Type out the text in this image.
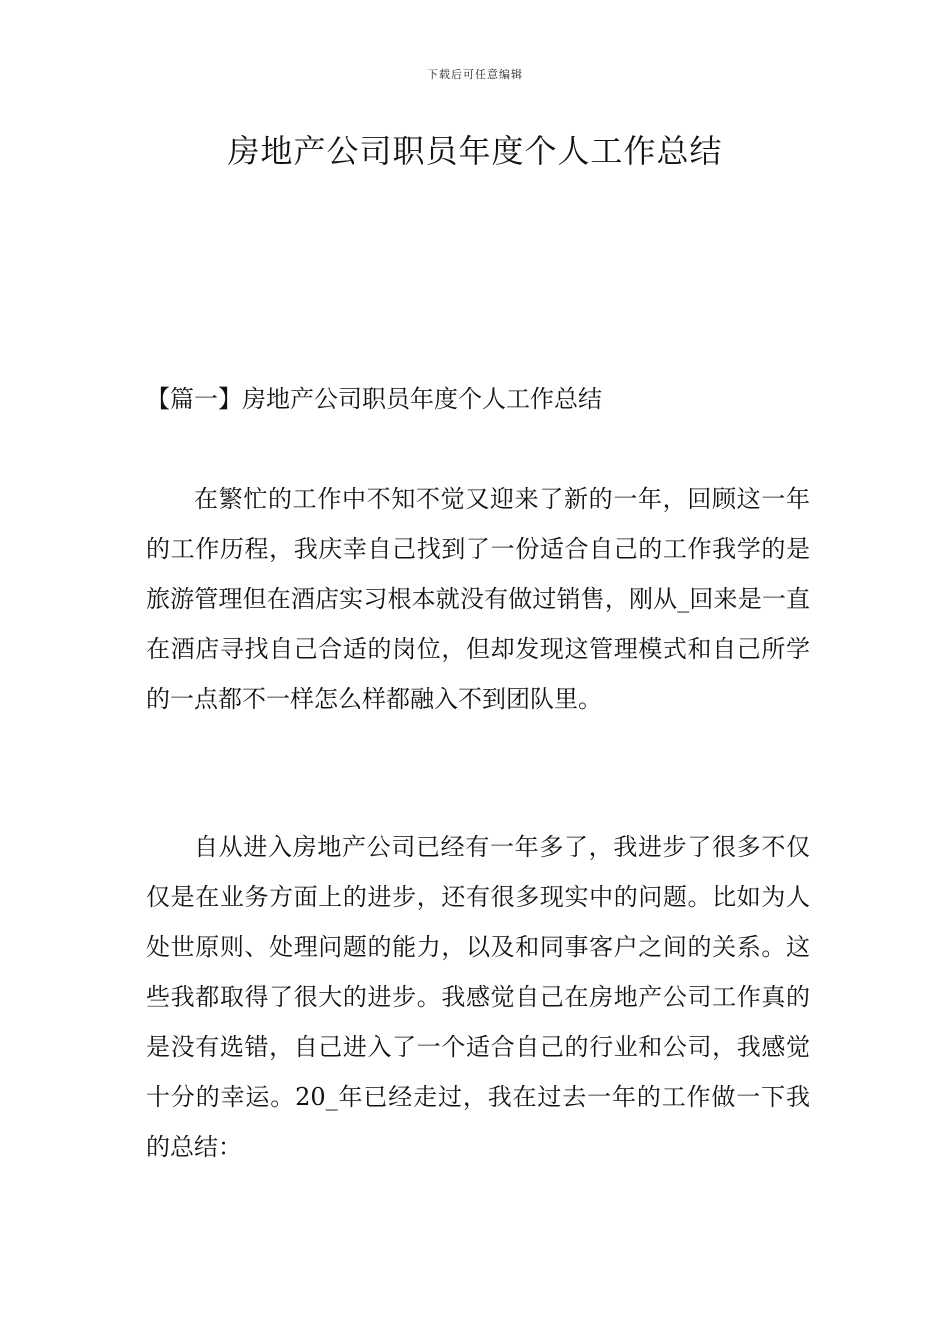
下载后可任意编辑
房地产公司职员年度个人工作总结
【篇一】房地产公司职员年度个人工作总结

在繁忙的工作中不知不觉又迎来了新的一年，回顾这一年的工作历程，我庆幸自己找到了一份适合自己的工作我学的是旅游管理但在酒店实习根本就没有做过销售，刚从_回来是一直在酒店寻找自己合适的岗位，但却发现这管理模式和自己所学的一点都不一样怎么样都融入不到团队里。

自从进入房地产公司已经有一年多了，我进步了很多不仅仅是在业务方面上的进步，还有很多现实中的问题。比如为人处世原则、处理问题的能力，以及和同事客户之间的关系。这些我都取得了很大的进步。我感觉自己在房地产公司工作真的是没有选错，自己进入了一个适合自己的行业和公司，我感觉十分的幸运。20_年已经走过，我在过去一年的工作做一下我的总结：
